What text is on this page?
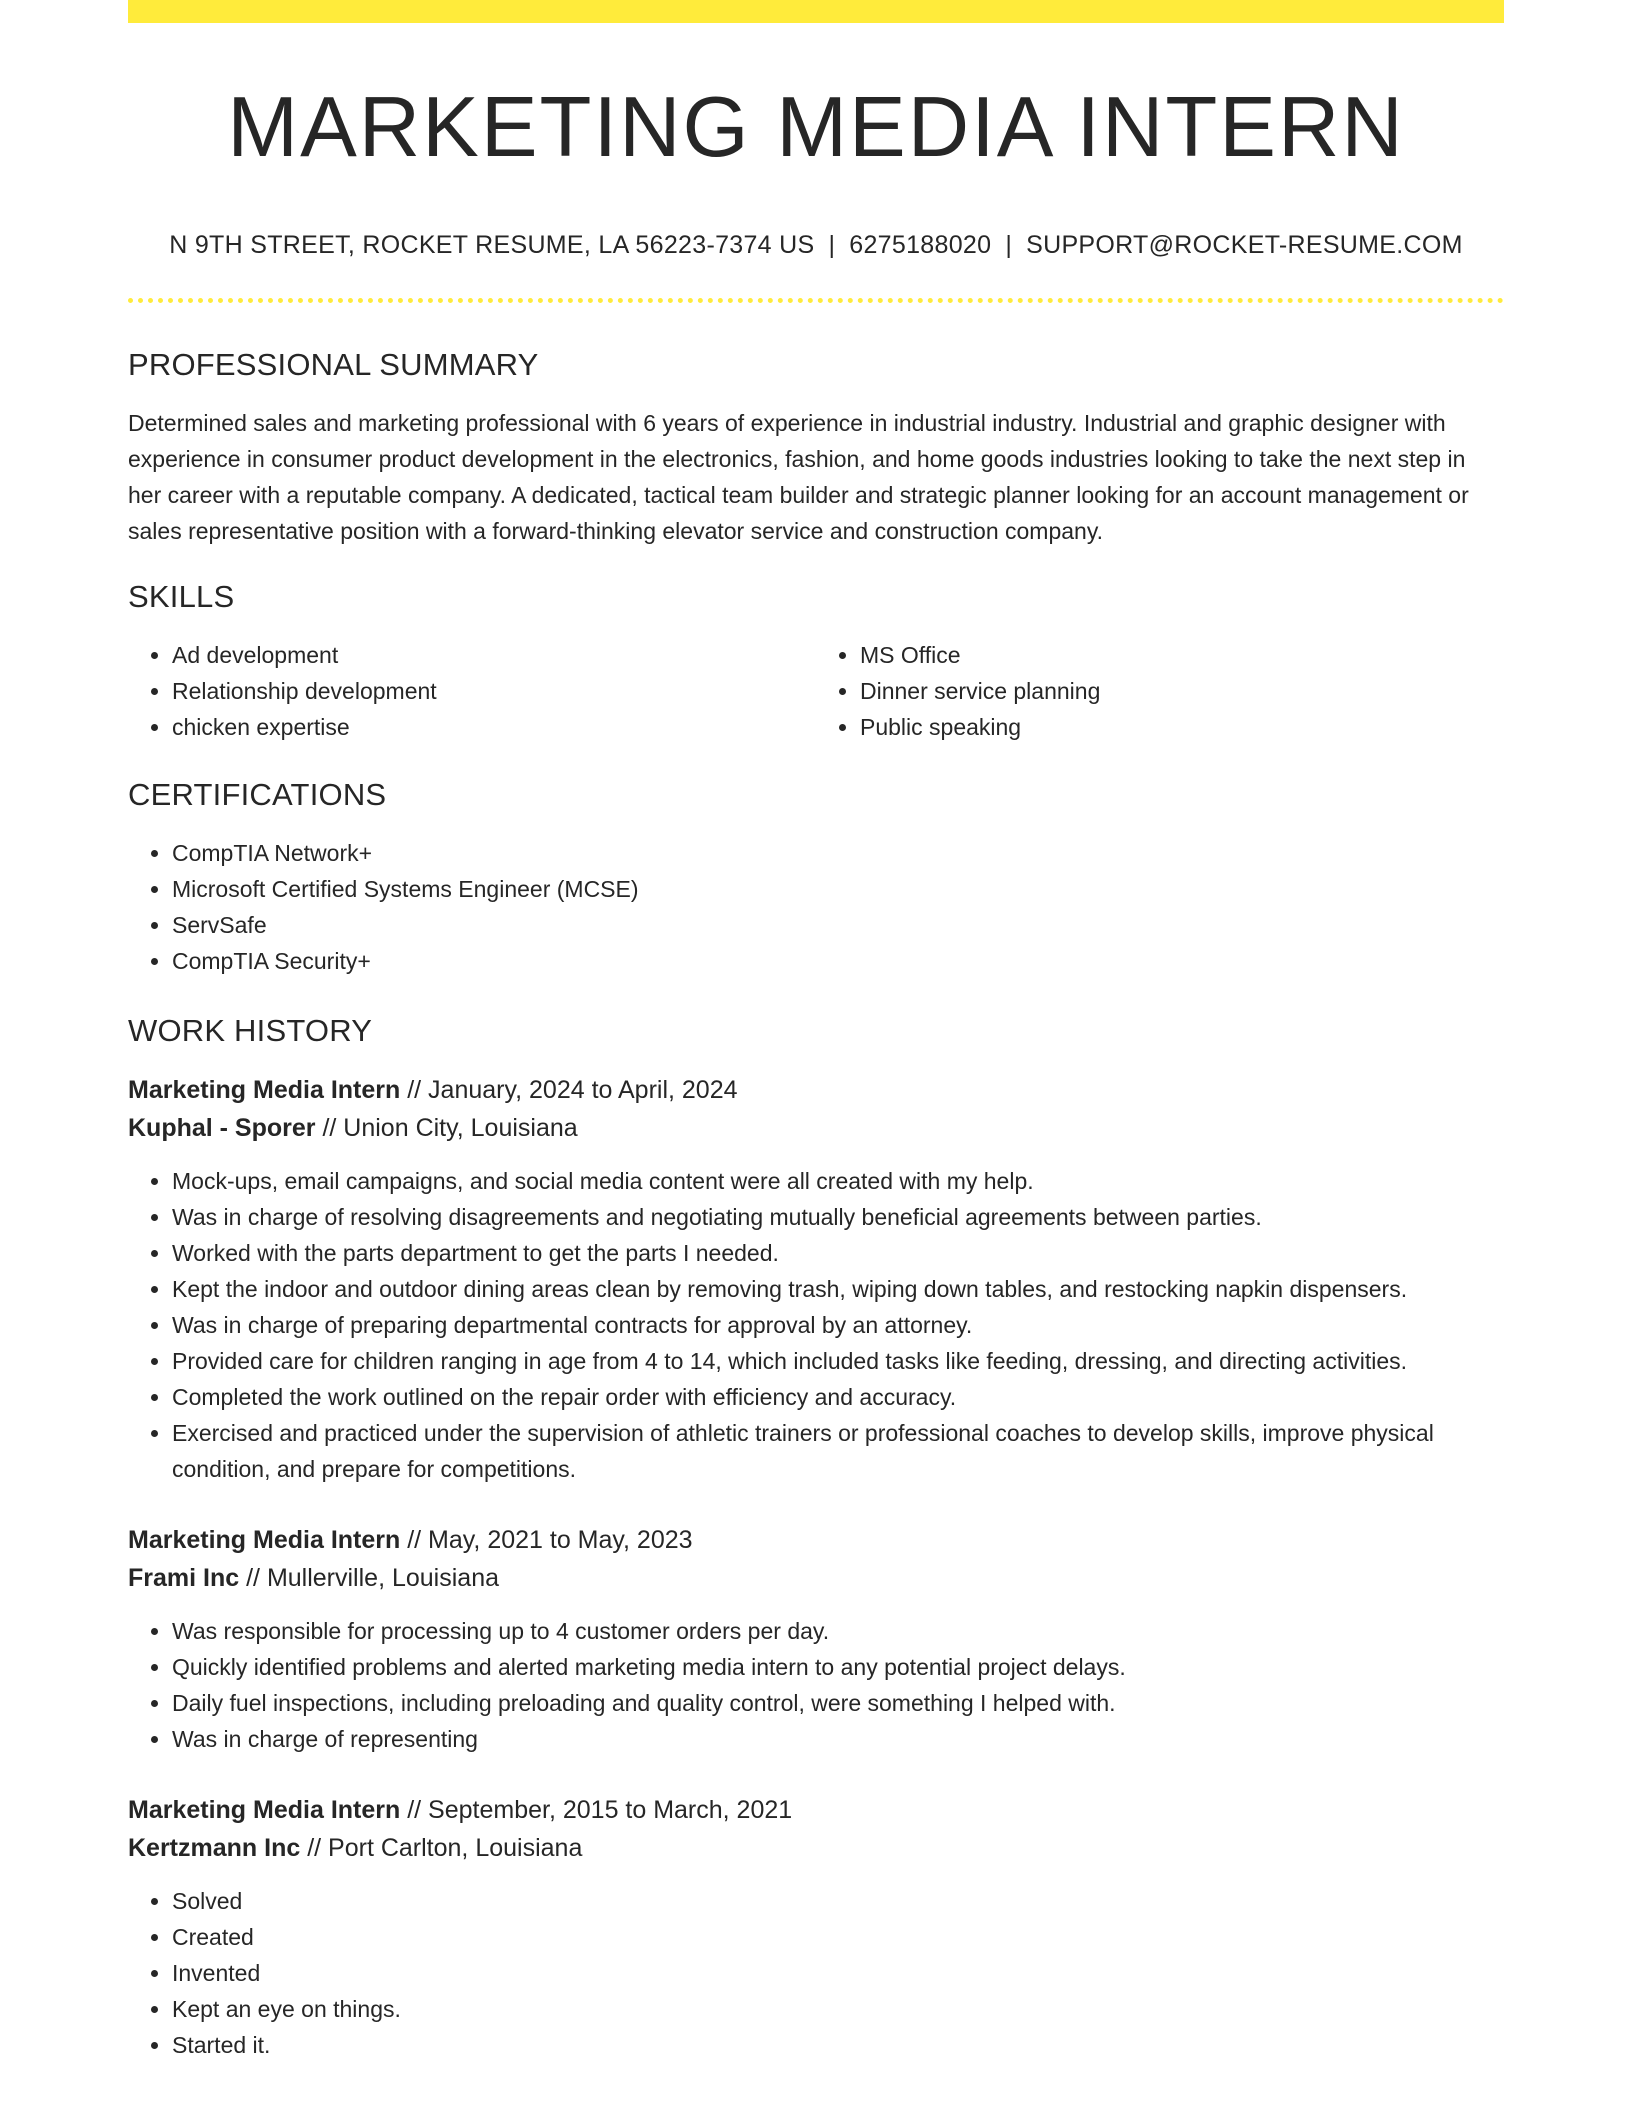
MARKETING MEDIA INTERN
N 9TH STREET, ROCKET RESUME, LA 56223-7374 US | 6275188020 | SUPPORT@ROCKET-RESUME.COM
PROFESSIONAL SUMMARY
Determined sales and marketing professional with 6 years of experience in industrial industry. Industrial and graphic designer with experience in consumer product development in the electronics, fashion, and home goods industries looking to take the next step in her career with a reputable company. A dedicated, tactical team builder and strategic planner looking for an account management or sales representative position with a forward-thinking elevator service and construction company.
SKILLS
• Ad development
• Relationship development
• chicken expertise
• MS Office
• Dinner service planning
• Public speaking
CERTIFICATIONS
• CompTIA Network+
• Microsoft Certified Systems Engineer (MCSE)
• ServSafe
• CompTIA Security+
WORK HISTORY
Marketing Media Intern // January, 2024 to April, 2024
Kuphal - Sporer // Union City, Louisiana
• Mock-ups, email campaigns, and social media content were all created with my help.
• Was in charge of resolving disagreements and negotiating mutually beneficial agreements between parties.
• Worked with the parts department to get the parts I needed.
• Kept the indoor and outdoor dining areas clean by removing trash, wiping down tables, and restocking napkin dispensers.
• Was in charge of preparing departmental contracts for approval by an attorney.
• Provided care for children ranging in age from 4 to 14, which included tasks like feeding, dressing, and directing activities.
• Completed the work outlined on the repair order with efficiency and accuracy.
• Exercised and practiced under the supervision of athletic trainers or professional coaches to develop skills, improve physical condition, and prepare for competitions.
Marketing Media Intern // May, 2021 to May, 2023
Frami Inc // Mullerville, Louisiana
• Was responsible for processing up to 4 customer orders per day.
• Quickly identified problems and alerted marketing media intern to any potential project delays.
• Daily fuel inspections, including preloading and quality control, were something I helped with.
• Was in charge of representing
Marketing Media Intern // September, 2015 to March, 2021
Kertzmann Inc // Port Carlton, Louisiana
• Solved
• Created
• Invented
• Kept an eye on things.
• Started it.
